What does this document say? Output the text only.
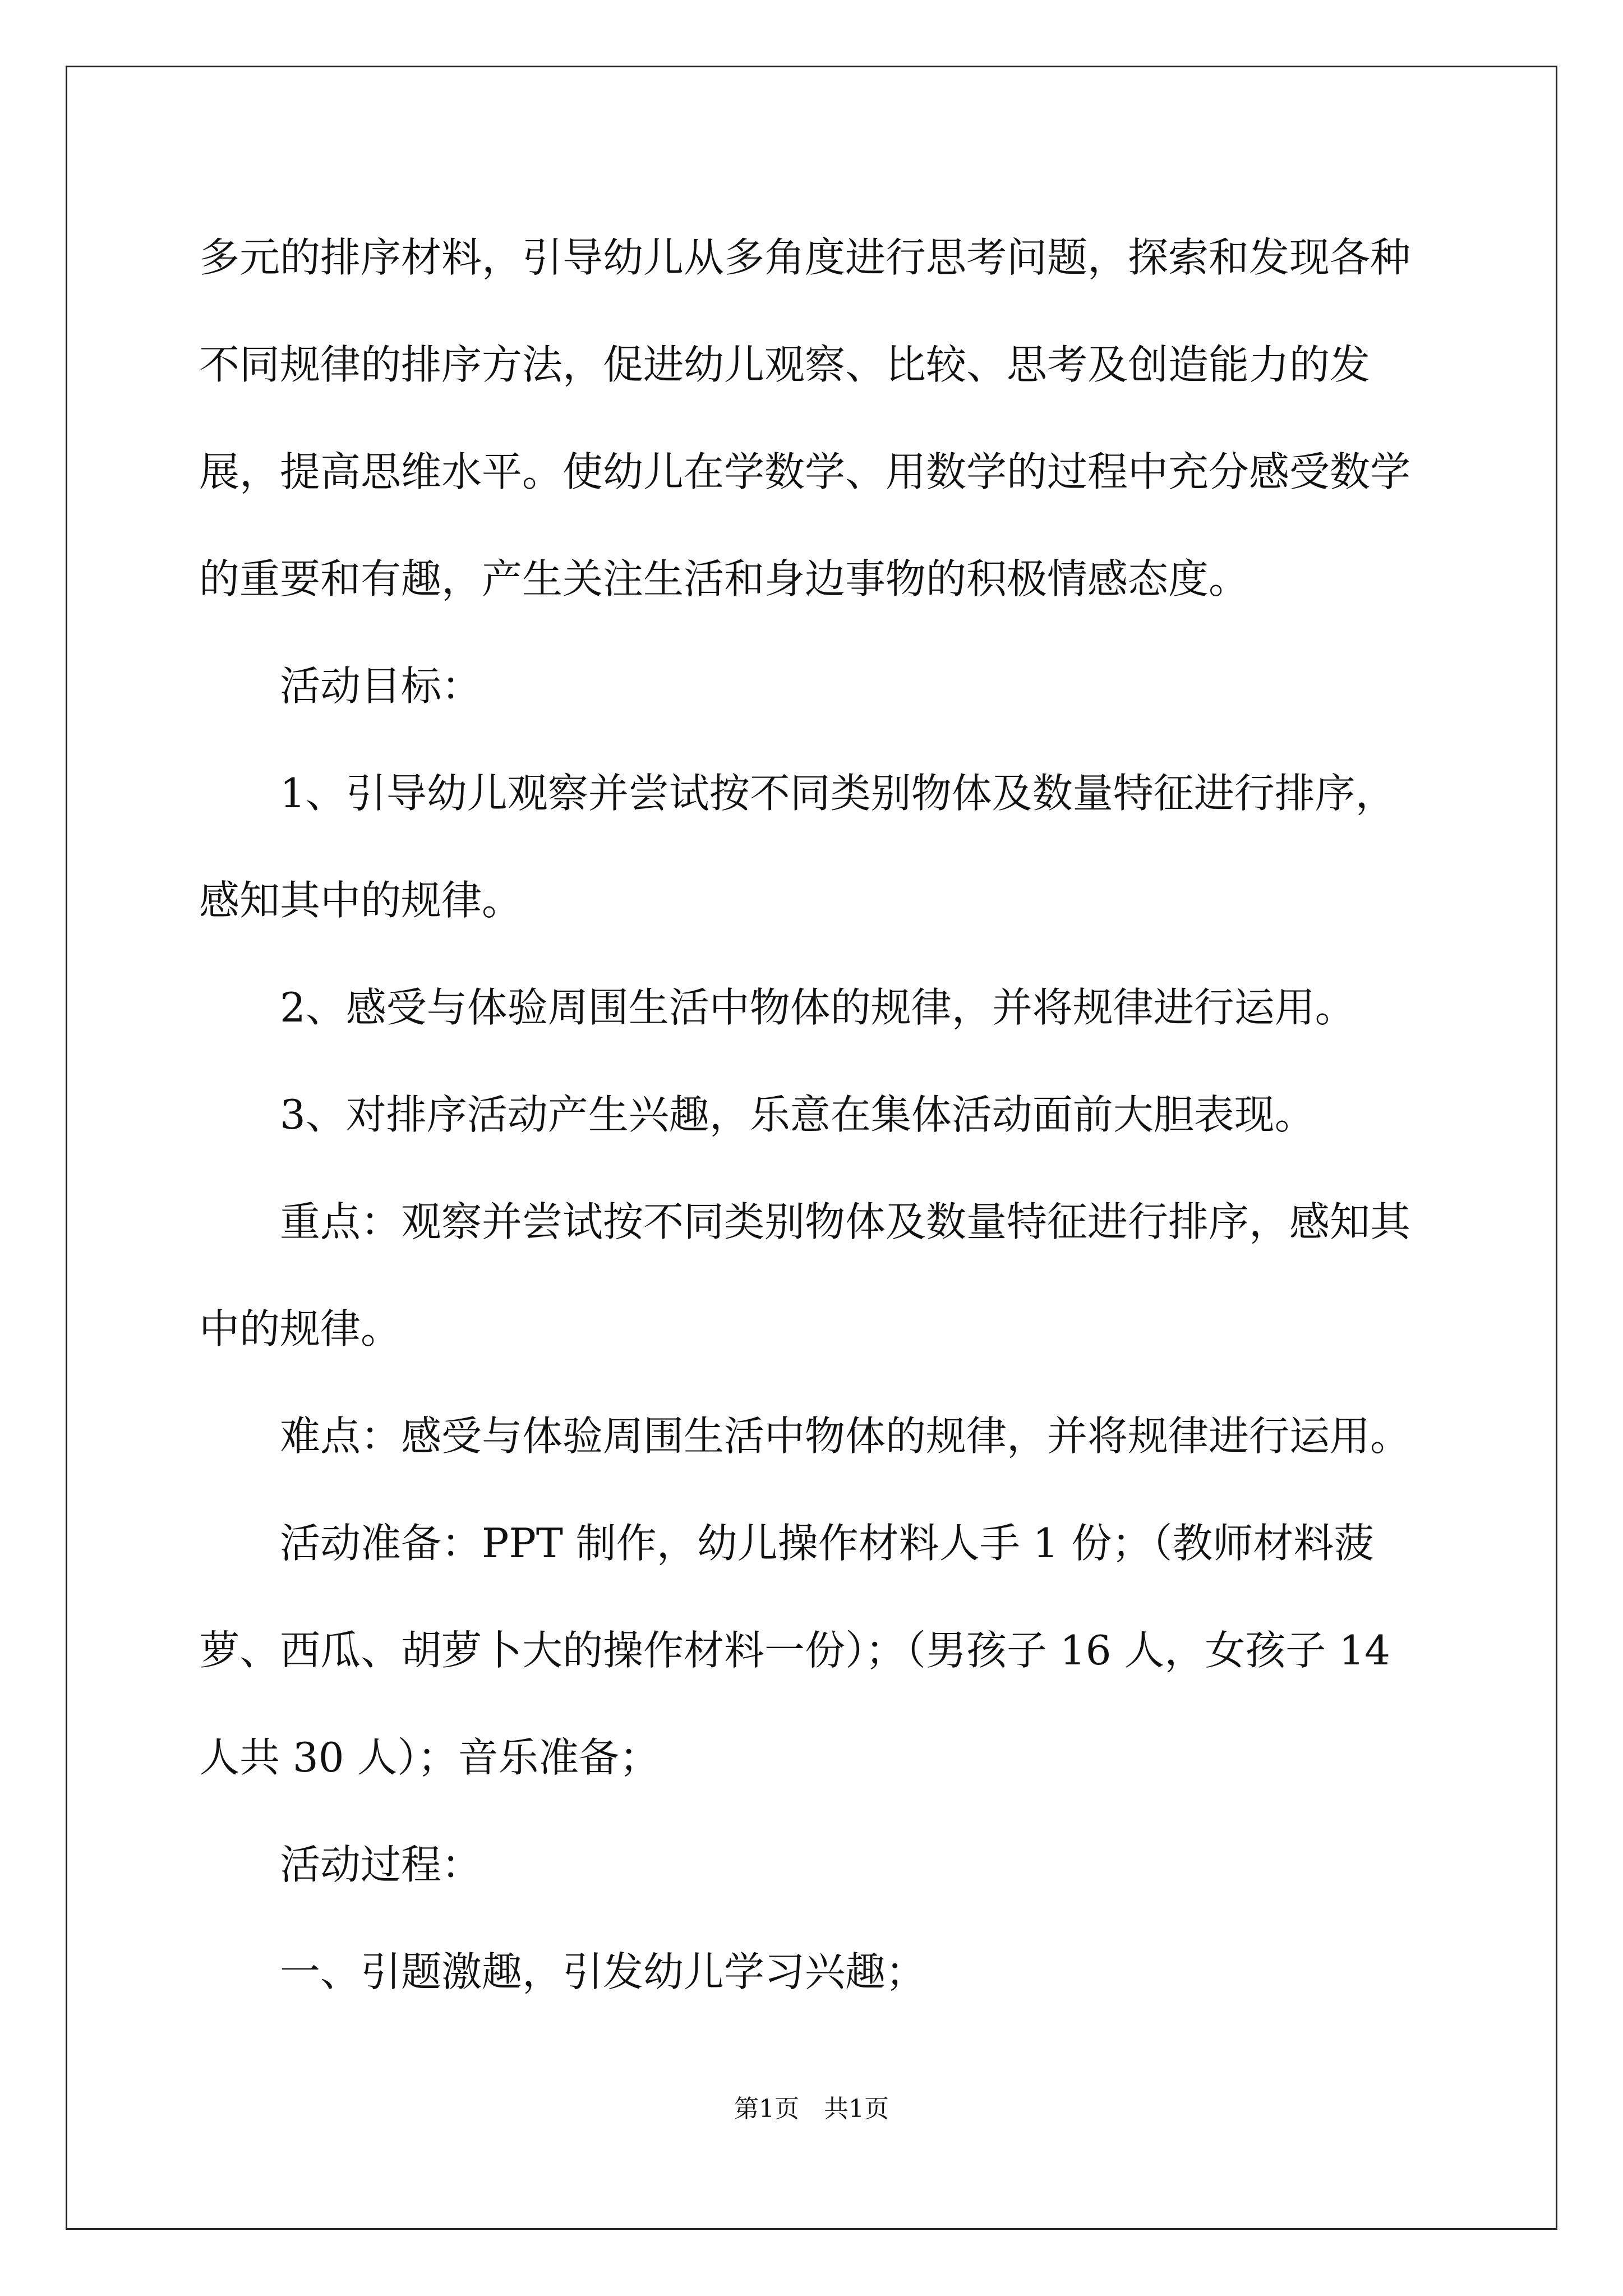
多元的排序材料，引导幼儿从多角度进行思考问题，探索和发现各种不同规律的排序方法，促进幼儿观察、比较、思考及创造能力的发展，提高思维水平。使幼儿在学数学、用数学的过程中充分感受数学的重要和有趣，产生关注生活和身边事物的积极情感态度。

活动目标：

1、引导幼儿观察并尝试按不同类别物体及数量特征进行排序，感知其中的规律。

2、感受与体验周围生活中物体的规律，并将规律进行运用。

3、对排序活动产生兴趣，乐意在集体活动面前大胆表现。

重点：观察并尝试按不同类别物体及数量特征进行排序，感知其中的规律。

难点：感受与体验周围生活中物体的规律，并将规律进行运用。

活动准备：PPT 制作，幼儿操作材料人手 1 份；（教师材料菠萝、西瓜、胡萝卜大的操作材料一份）；（男孩子 16 人，女孩子 14 人共 30 人）；音乐准备；

活动过程：

一、引题激趣，引发幼儿学习兴趣；

第1页　共1页
